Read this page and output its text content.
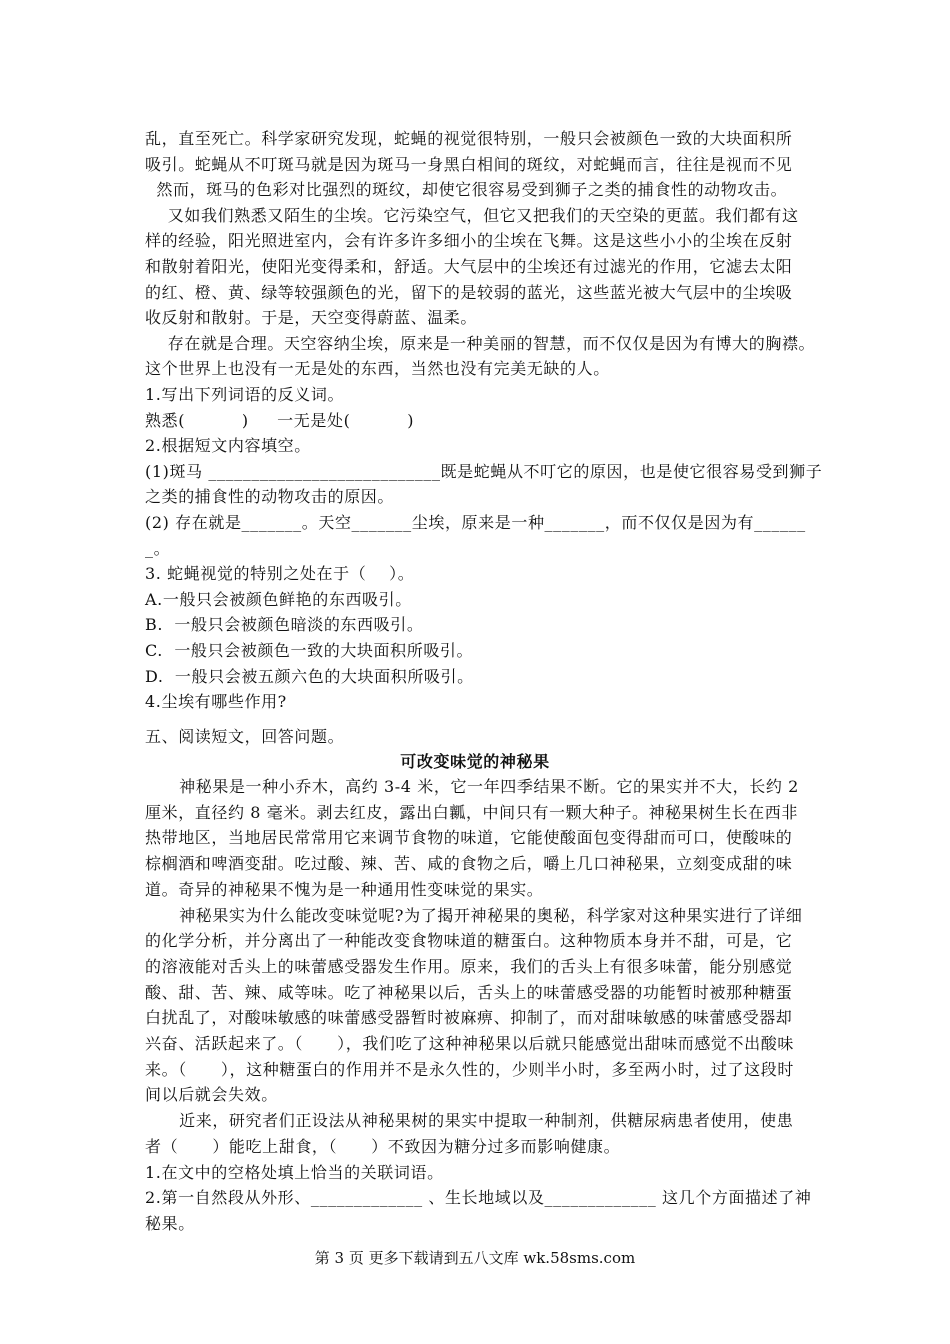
乱，直至死亡。科学家研究发现，蛇蝇的视觉很特别，一般只会被颜色一致的大块面积所
吸引。蛇蝇从不叮斑马就是因为斑马一身黑白相间的斑纹，对蛇蝇而言，往往是视而不见
然而，斑马的色彩对比强烈的斑纹，却使它很容易受到狮子之类的捕食性的动物攻击。
又如我们熟悉又陌生的尘埃。它污染空气，但它又把我们的天空染的更蓝。我们都有这
样的经验，阳光照进室内，会有许多许多细小的尘埃在飞舞。这是这些小小的尘埃在反射
和散射着阳光，使阳光变得柔和，舒适。大气层中的尘埃还有过滤光的作用，它滤去太阳
的红、橙、黄、绿等较强颜色的光，留下的是较弱的蓝光，这些蓝光被大气层中的尘埃吸
收反射和散射。于是，天空变得蔚蓝、温柔。
存在就是合理。天空容纳尘埃，原来是一种美丽的智慧，而不仅仅是因为有博大的胸襟。
这个世界上也没有一无是处的东西，当然也没有完美无缺的人。
1.写出下列词语的反义词。
熟悉(          )     一无是处(          )
2.根据短文内容填空。
(1)斑马 ___________________________既是蛇蝇从不叮它的原因，也是使它很容易受到狮子
之类的捕食性的动物攻击的原因。
(2) 存在就是_______。天空_______尘埃，原来是一种_______，而不仅仅是因为有______
_。
3. 蛇蝇视觉的特别之处在于（    ）。
A.一般只会被颜色鲜艳的东西吸引。
B.  一般只会被颜色暗淡的东西吸引。
C.  一般只会被颜色一致的大块面积所吸引。
D.  一般只会被五颜六色的大块面积所吸引。
4.尘埃有哪些作用?
五、阅读短文，回答问题。
可改变味觉的神秘果
神秘果是一种小乔木，高约 3-4 米，它一年四季结果不断。它的果实并不大，长约 2
厘米，直径约 8 毫米。剥去红皮，露出白瓤，中间只有一颗大种子。神秘果树生长在西非
热带地区，当地居民常常用它来调节食物的味道，它能使酸面包变得甜而可口，使酸味的
棕榈酒和啤酒变甜。吃过酸、辣、苦、咸的食物之后，嚼上几口神秘果，立刻变成甜的味
道。奇异的神秘果不愧为是一种通用性变味觉的果实。
神秘果实为什么能改变味觉呢?为了揭开神秘果的奥秘，科学家对这种果实进行了详细
的化学分析，并分离出了一种能改变食物味道的糖蛋白。这种物质本身并不甜，可是，它
的溶液能对舌头上的味蕾感受器发生作用。原来，我们的舌头上有很多味蕾，能分别感觉
酸、甜、苦、辣、咸等味。吃了神秘果以后，舌头上的味蕾感受器的功能暂时被那种糖蛋
白扰乱了，对酸味敏感的味蕾感受器暂时被麻痹、抑制了，而对甜味敏感的味蕾感受器却
兴奋、活跃起来了。（      ），我们吃了这种神秘果以后就只能感觉出甜味而感觉不出酸味
来。（      ），这种糖蛋白的作用并不是永久性的，少则半小时，多至两小时，过了这段时
间以后就会失效。
近来，研究者们正设法从神秘果树的果实中提取一种制剂，供糖尿病患者使用，使患
者（      ）能吃上甜食，（      ）不致因为糖分过多而影响健康。
1.在文中的空格处填上恰当的关联词语。
2.第一自然段从外形、_____________ 、生长地域以及_____________ 这几个方面描述了神
秘果。
第 3 页 更多下载请到五八文库 wk.58sms.com
